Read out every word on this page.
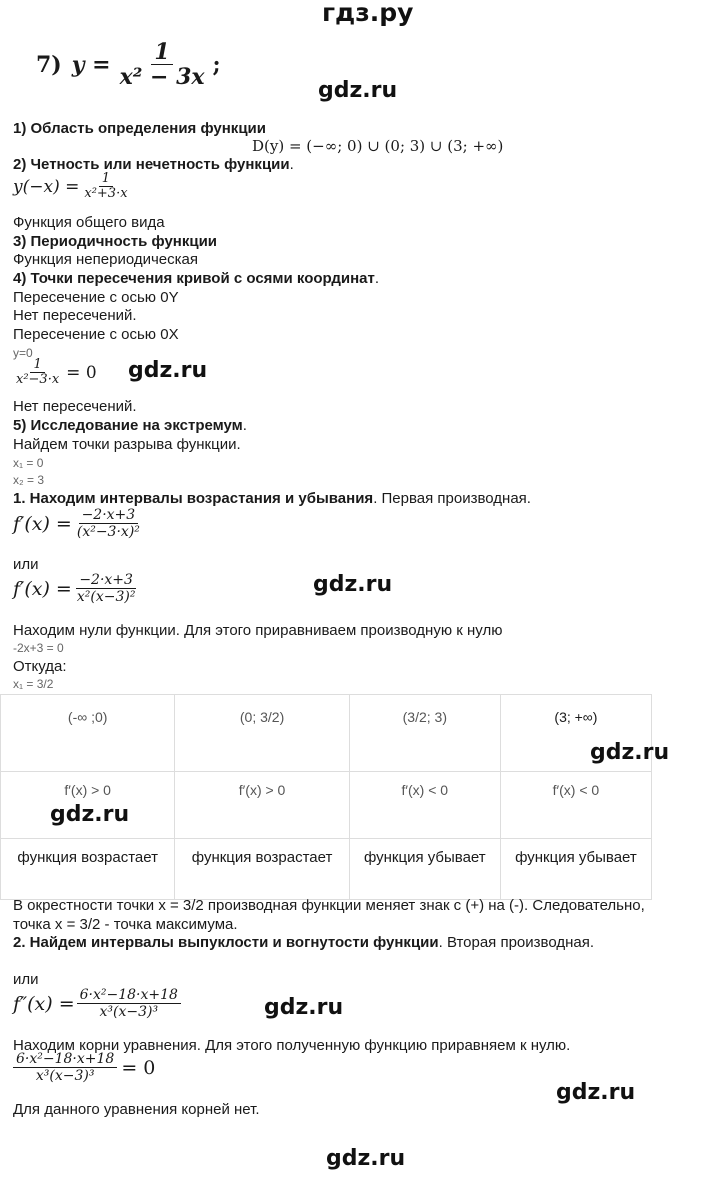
гдз.ру
gdz.ru
gdz.ru
gdz.ru
gdz.ru
gdz.ru
gdz.ru
gdz.ru
gdz.ru
7) $y = \frac{1}{\text{x² − 3x}}$ ;
1) Область определения функции
D(y) = (−∞; 0) ∪ (0; 3) ∪ (3; +∞)
2) Четность или нечетность функции.
$y(-x) = \frac{1}{\text{x²+3·x}}$
Функция общего вида
3) Периодичность функции
Функция непериодическая
4) Точки пересечения кривой с осями координат.
Пересечение с осью 0Y
Нет пересечений.
Пересечение с осью 0X
y=0
$\frac{1}{\text{x²−3·x}} = 0$
Нет пересечений.
5) Исследование на экстремум.
Найдем точки разрыва функции.
x₁ = 0
x₂ = 3
1. Находим интервалы возрастания и убывания. Первая производная.
$f'(x) = \frac{-2\cdot x+3}{\text{(x²−3·x)²}}$
или
$f'(x) = \frac{-2\cdot x+3}{\text{x²(x−3)²}}$
Находим нули функции. Для этого приравниваем производную к нулю
-2x+3 = 0
Откуда:
x₁ = 3/2
(-∞ ;0)	(0; 3/2)	(3/2; 3)	(3; +∞)
f′(x) > 0	f′(x) > 0	f′(x) < 0	f′(x) < 0
функция возрастает	функция возрастает	функция убывает	функция убывает
В окрестности точки x = 3/2 производная функции меняет знак с (+) на (-). Следовательно,
точка x = 3/2 - точка максимума.
2. Найдем интервалы выпуклости и вогнутости функции. Вторая производная.
или
$f''(x) = \frac{\text{6·x²−18·x+18}}{\text{x³(x−3)³}}$
Находим корни уравнения. Для этого полученную функцию приравняем к нулю.
$\frac{\text{6·x²−18·x+18}}{\text{x³(x−3)³}} = 0$
Для данного уравнения корней нет.
